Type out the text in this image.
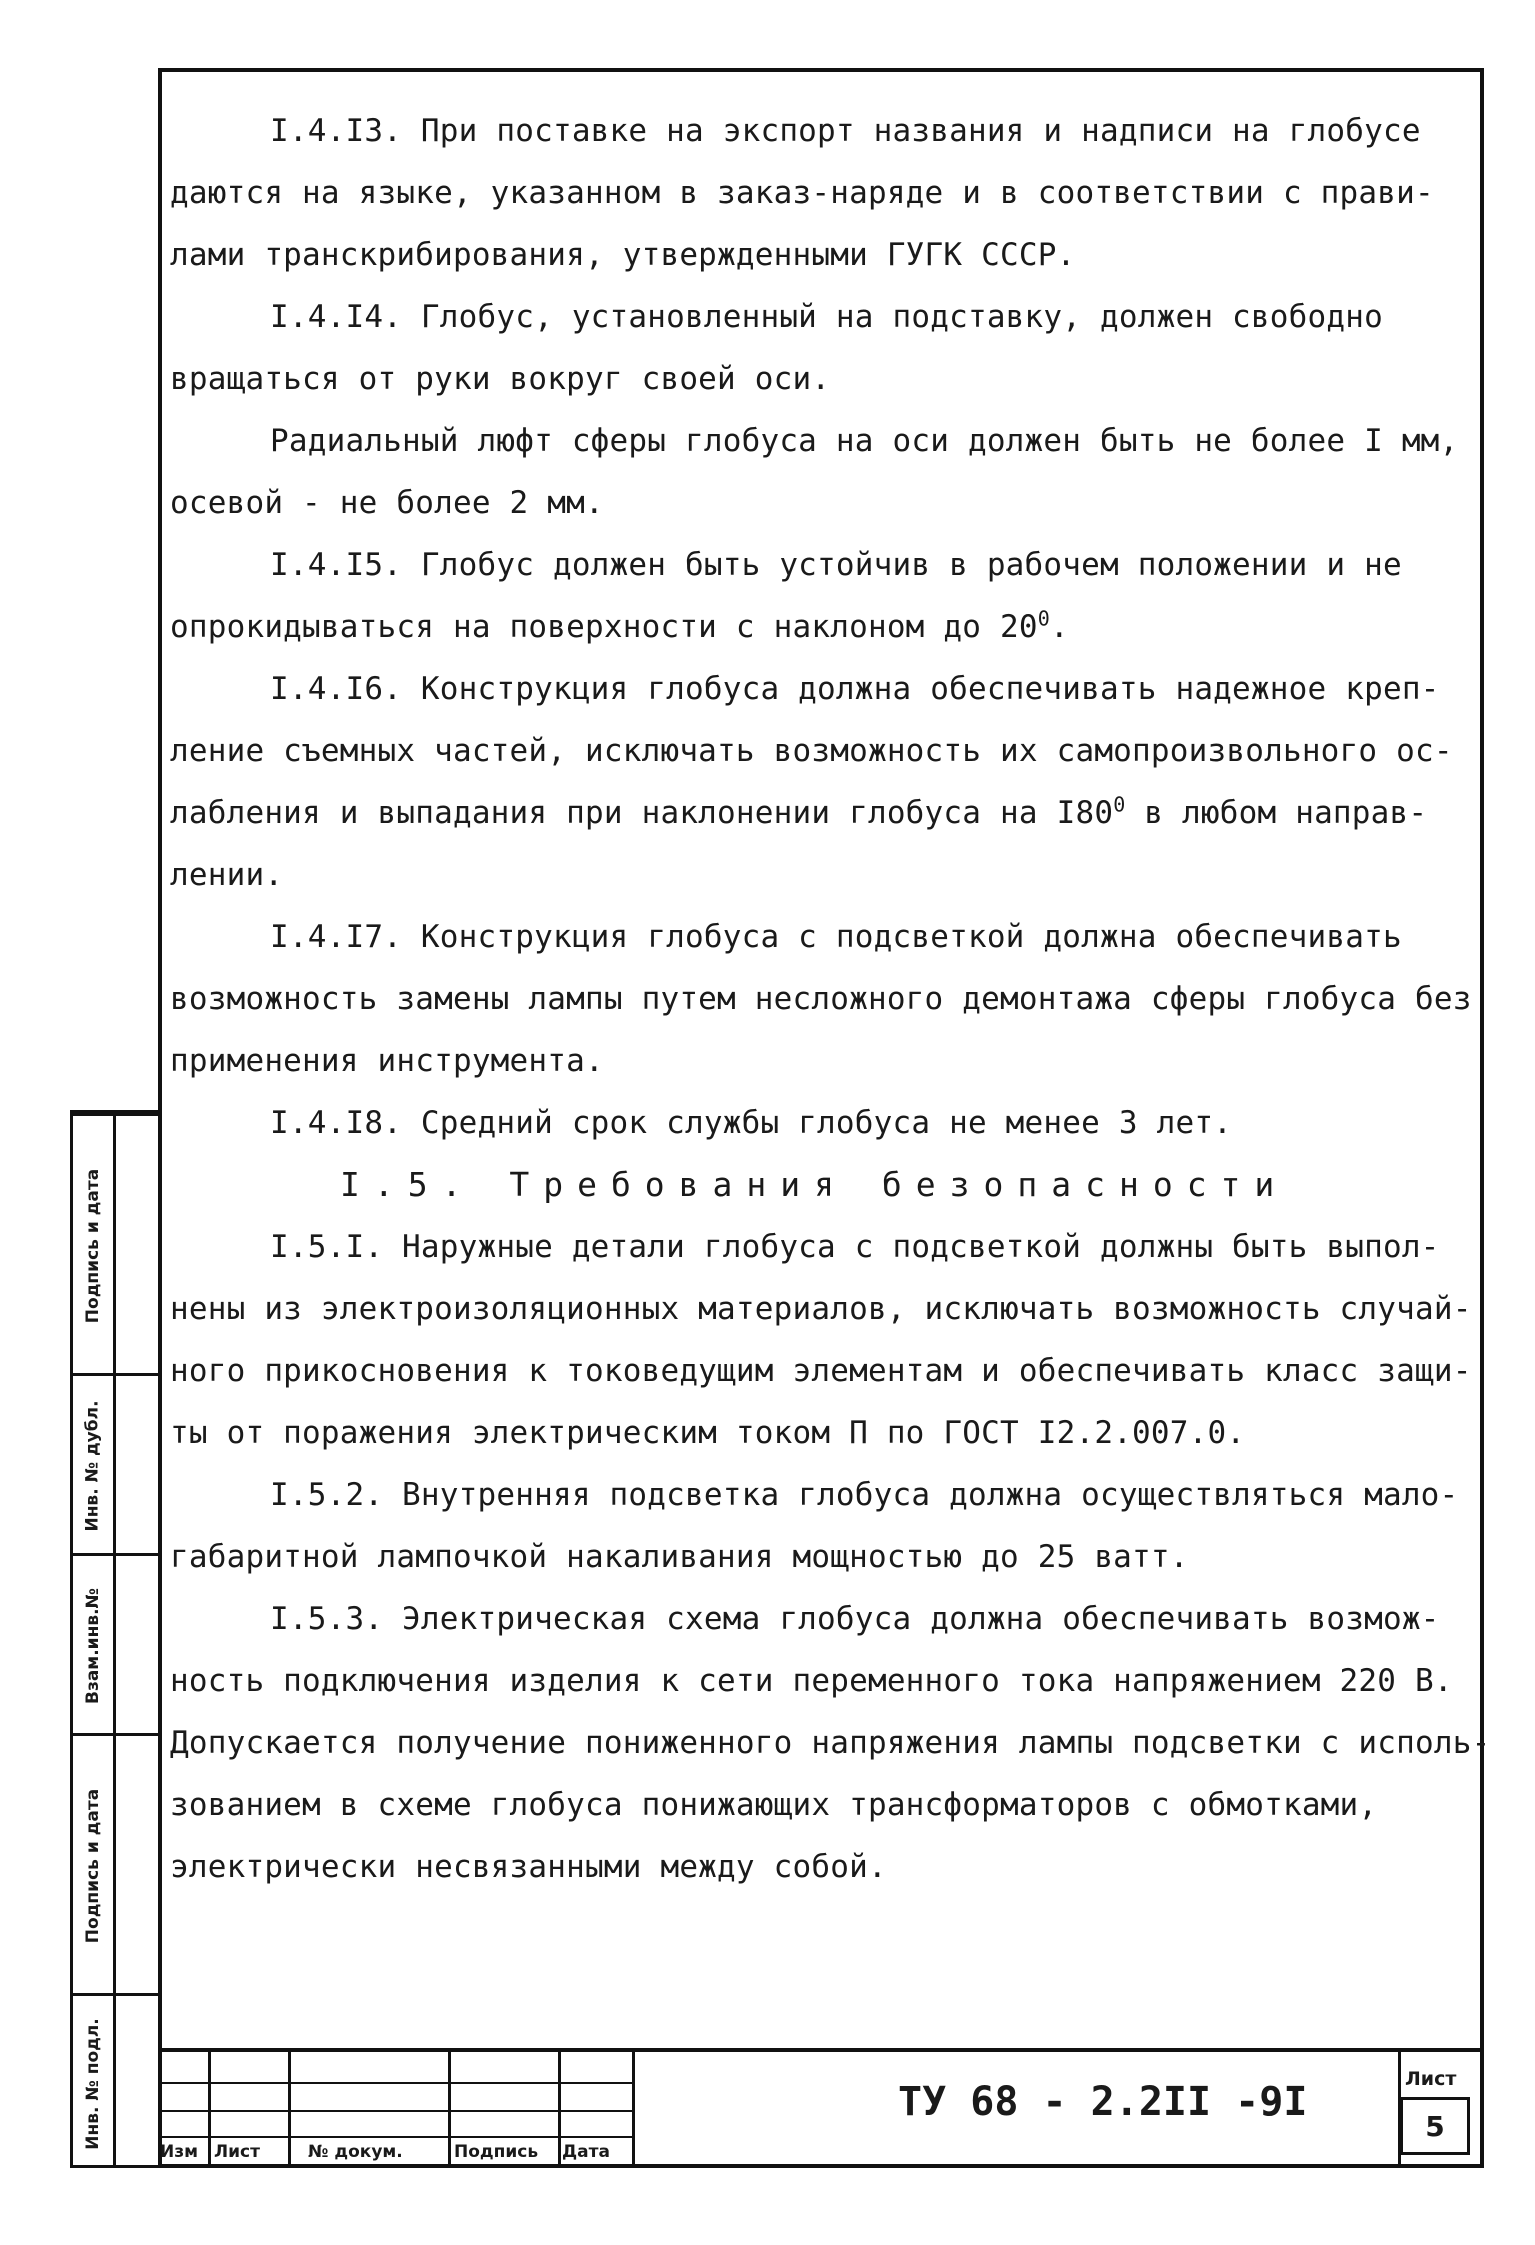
I.4.I3. При поставке на экспорт названия и надписи на глобусе
даются на языке, указанном в заказ-наряде и в соответствии с прави-
лами транскрибирования, утвержденными ГУГК СССР.
I.4.I4. Глобус, установленный на подставку, должен свободно
вращаться от руки вокруг своей оси.
Радиальный люфт сферы глобуса на оси должен быть не более I мм,
осевой - не более 2 мм.
I.4.I5. Глобус должен быть устойчив в рабочем положении и не
опрокидываться на поверхности с наклоном до $20^0$.
I.4.I6. Конструкция глобуса должна обеспечивать надежное креп-
ление съемных частей, исключать возможность их самопроизвольного ос-
лабления и выпадания при наклонении глобуса на $I80^0$ в любом направ-
лении.
I.4.I7. Конструкция глобуса с подсветкой должна обеспечивать
возможность замены лампы путем несложного демонтажа сферы глобуса без
применения инструмента.
I.4.I8. Средний срок службы глобуса не менее 3 лет.
I.5. Требования безопасности
I.5.I. Наружные детали глобуса с подсветкой должны быть выпол-
нены из электроизоляционных материалов, исключать возможность случай-
ного прикосновения к токоведущим элементам и обеспечивать класс защи-
ты от поражения электрическим током П по ГОСТ I2.2.007.0.
I.5.2. Внутренняя подсветка глобуса должна осуществляться мало-
габаритной лампочкой накаливания мощностью до 25 ватт.
I.5.3. Электрическая схема глобуса должна обеспечивать возмож-
ность подключения изделия к сети переменного тока напряжением 220 В.
Допускается получение пониженного напряжения лампы подсветки с исполь-
зованием в схеме глобуса понижающих трансформаторов с обмотками,
электрически несвязанными между собой.
Подпись и дата
Инв. № дубл.
Взам.инв.№
Подпись и дата
Инв. № подл.
Изм Лист	№ докум.	Подпись Дата
ТУ 68 - 2.2II -9I	Лист
5
